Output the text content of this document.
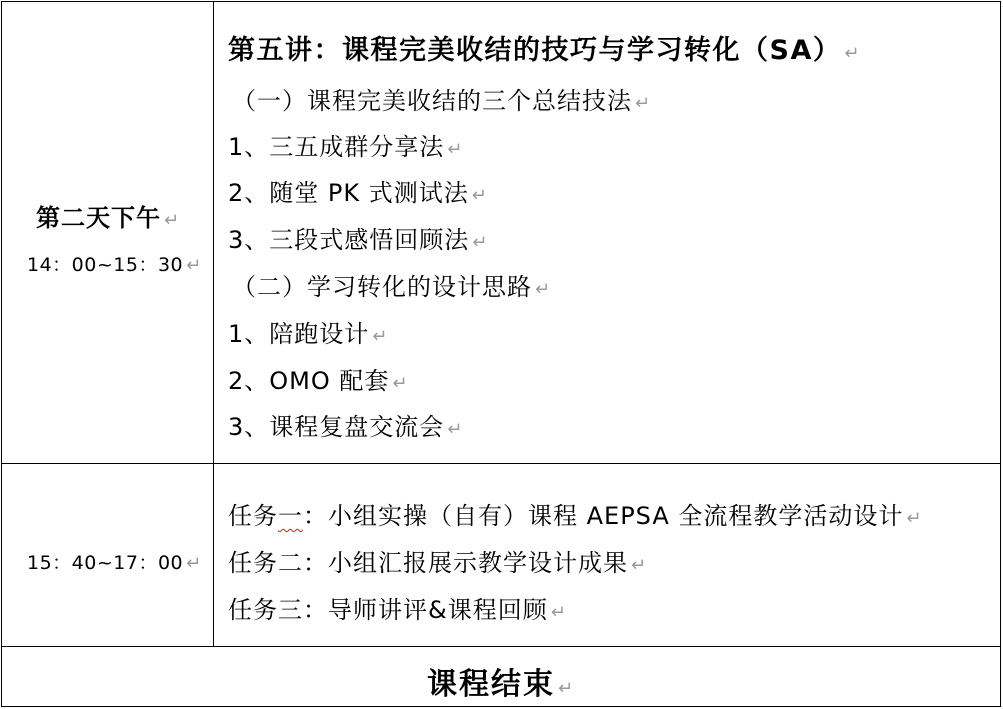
第二天下午 ↵
14：00~15：30 ↵
第五讲：课程完美收结的技巧与学习转化（SA） ↵
（一）课程完美收结的三个总结技法 ↵
1、三五成群分享法 ↵
2、随堂 PK 式测试法 ↵
3、三段式感悟回顾法 ↵
（二）学习转化的设计思路 ↵
1、陪跑设计 ↵
2、OMO 配套 ↵
3、课程复盘交流会 ↵
15：40~17：00 ↵
任务一：小组实操（自有）课程 AEPSA 全流程教学活动设计 ↵
任务二：小组汇报展示教学设计成果 ↵
任务三：导师讲评&课程回顾 ↵
课程结束 ↵
